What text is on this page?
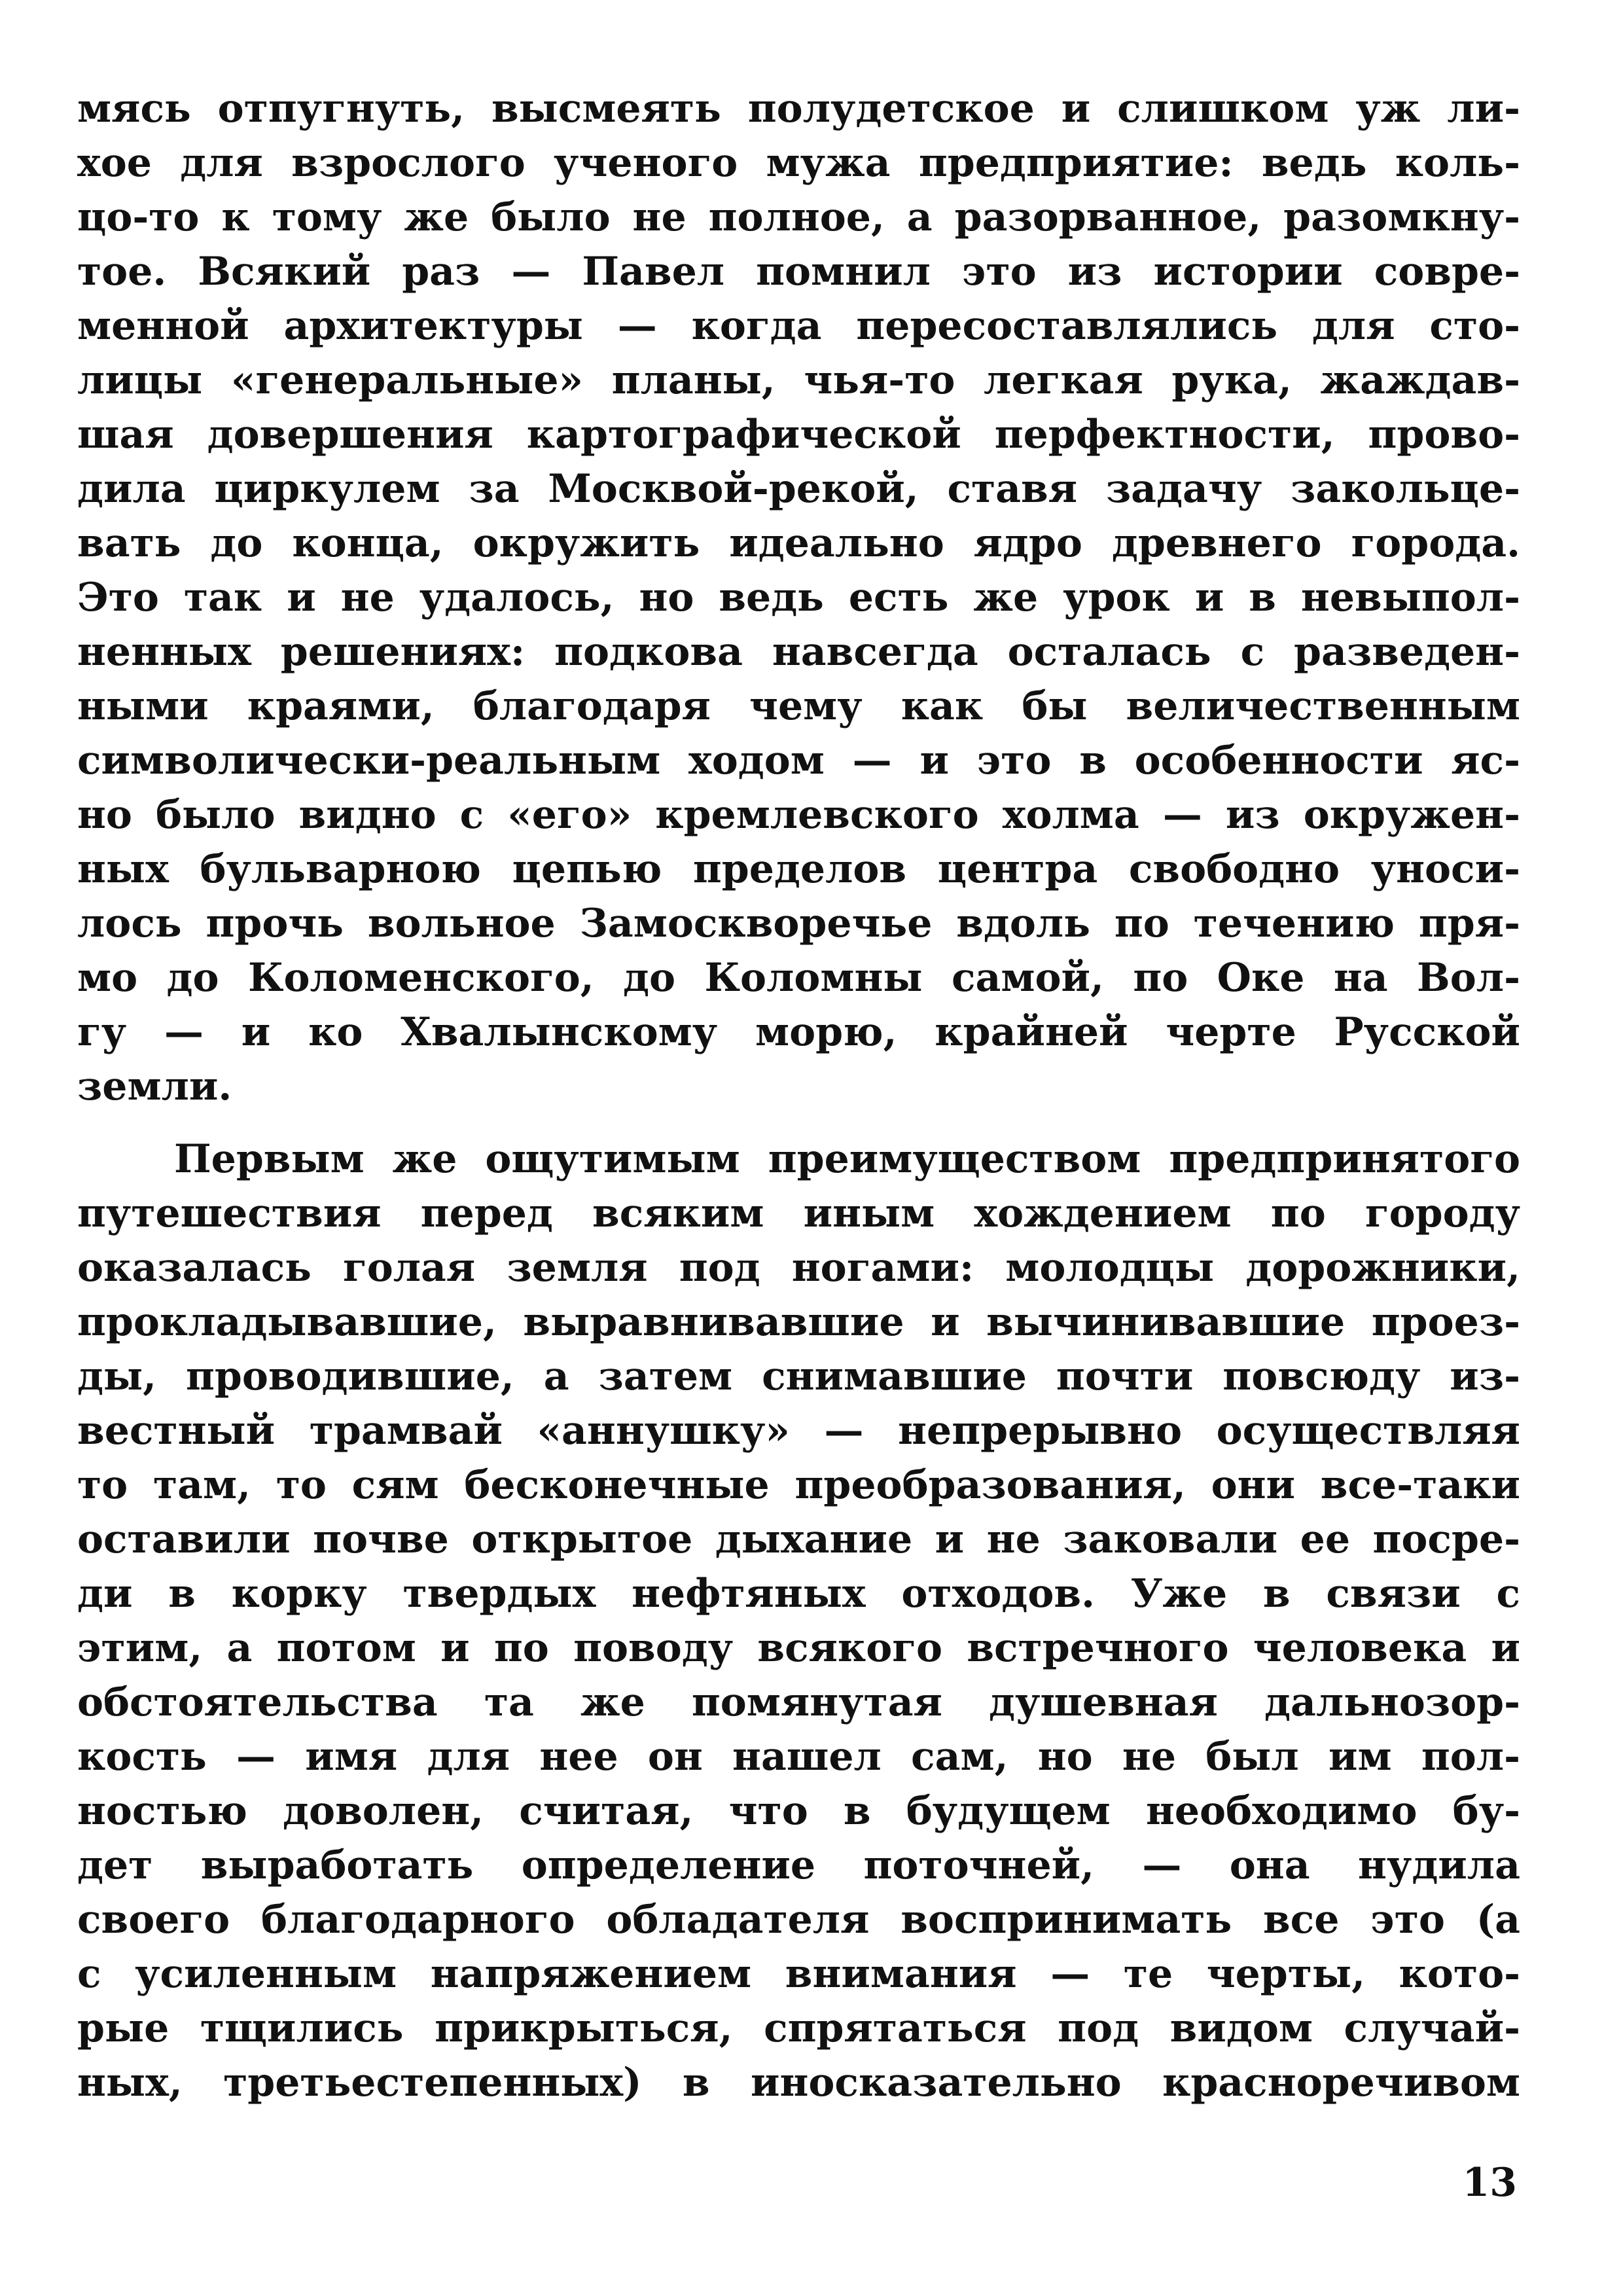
мясь отпугнуть, высмеять полудетское и слишком уж ли-
хое для взрослого ученого мужа предприятие: ведь коль-
цо-то к тому же было не полное, а разорванное, разомкну-
тое. Всякий раз — Павел помнил это из истории совре-
менной архитектуры — когда пересоставлялись для сто-
лицы «генеральные» планы, чья-то легкая рука, жаждав-
шая довершения картографической перфектности, прово-
дила циркулем за Москвой-рекой, ставя задачу закольце-
вать до конца, окружить идеально ядро древнего города.
Это так и не удалось, но ведь есть же урок и в невыпол-
ненных решениях: подкова навсегда осталась с разведен-
ными краями, благодаря чему как бы величественным
символически-реальным ходом — и это в особенности яс-
но было видно с «его» кремлевского холма — из окружен-
ных бульварною цепью пределов центра свободно уноси-
лось прочь вольное Замоскворечье вдоль по течению пря-
мо до Коломенского, до Коломны самой, по Оке на Вол-
гу — и ко Хвалынскому морю, крайней черте Русской
земли.
Первым же ощутимым преимуществом предпринятого
путешествия перед всяким иным хождением по городу
оказалась голая земля под ногами: молодцы дорожники,
прокладывавшие, выравнивавшие и вычинивавшие проез-
ды, проводившие, а затем снимавшие почти повсюду из-
вестный трамвай «аннушку» — непрерывно осуществляя
то там, то сям бесконечные преобразования, они все-таки
оставили почве открытое дыхание и не заковали ее посре-
ди в корку твердых нефтяных отходов. Уже в связи с
этим, а потом и по поводу всякого встречного человека и
обстоятельства та же помянутая душевная дальнозор-
кость — имя для нее он нашел сам, но не был им пол-
ностью доволен, считая, что в будущем необходимо бу-
дет выработать определение поточней, — она нудила
своего благодарного обладателя воспринимать все это (а
с усиленным напряжением внимания — те черты, кото-
рые тщились прикрыться, спрятаться под видом случай-
ных, третьестепенных) в иносказательно красноречивом
13
